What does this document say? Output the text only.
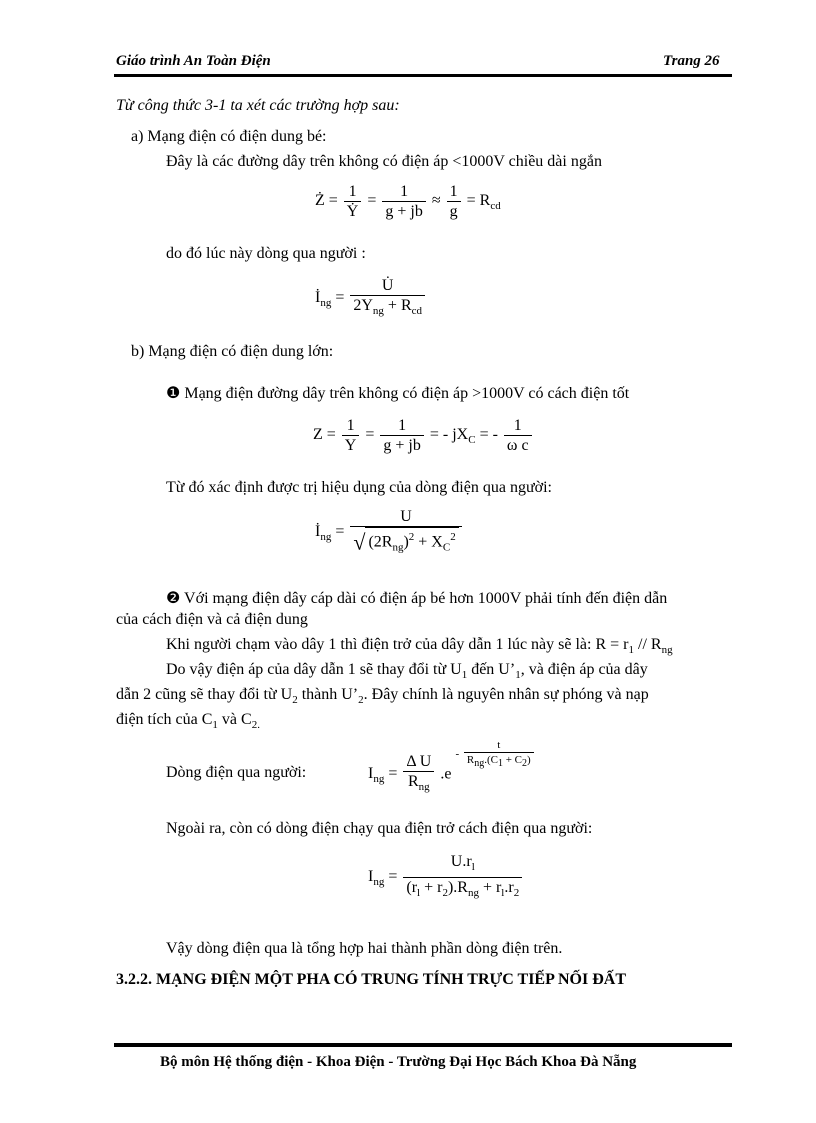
Giáo trình An Toàn Điện	Trang 26
Từ công thức 3-1 ta xét các trường hợp sau:
a) Mạng điện có điện dung bé:
Đây là các đường dây trên không có điện áp <1000V chiều dài ngắn
Ż = $\frac{1}{\text{Ẏ}} = \frac{1}{g + jb} \approx \frac{1}{g} = R_{cd}$
do đó lúc này dòng qua người :
$İ_{ng} = \frac{U̇}{2Y_{ng} + R_{cd}}$
b) Mạng điện có điện dung lớn:
❶ Mạng điện đường dây trên không có điện áp >1000V có cách điện tốt
$Z = \frac{1}{Y} = \frac{1}{g + jb}$ = - $jX_C$ = - $\frac{1}{\text{ω c}}$
Từ đó xác định được trị hiệu dụng của dòng điện qua người:
$İ_{ng} = \frac{U}{√ (2R_{ng})^2 + X_C^2}$
❷ Với mạng điện dây cáp dài có điện áp bé hơn 1000V phải tính đến điện dẫn
của cách điện và cả điện dung
Khi người chạm vào dây 1 thì điện trở của dây dẫn 1 lúc này sẽ là: $R = r_1 // R_{ng}$
Do vậy điện áp của dây dẫn 1 sẽ thay đổi từ $U_1$ đến $U’_1$, và điện áp của dây
dẫn 2 cũng sẽ thay đổi từ $U_2$ thành $U’_2$. Đây chính là nguyên nhân sự phóng và nạp
điện tích của $C_1$ và $C_{2.}$
Dòng điện qua người:	$I_{ng} = \frac{\text{Δ U}}{R_{ng}} .e - \frac{t}{R_{ng}.(C_1 + C_2)}$
Ngoài ra, còn có dòng điện chạy qua điện trở cách điện qua người:
$I_{ng} = \frac{U.r_l}{(r_l + r_2).R_{ng} + r_l.r_2}$
Vậy dòng điện qua là tổng hợp hai thành phần dòng điện trên.
3.2.2. MẠNG ĐIỆN MỘT PHA CÓ TRUNG TÍNH TRỰC TIẾP NỐI ĐẤT
Bộ môn Hệ thống điện - Khoa Điện - Trường Đại Học Bách Khoa Đà Nẵng
